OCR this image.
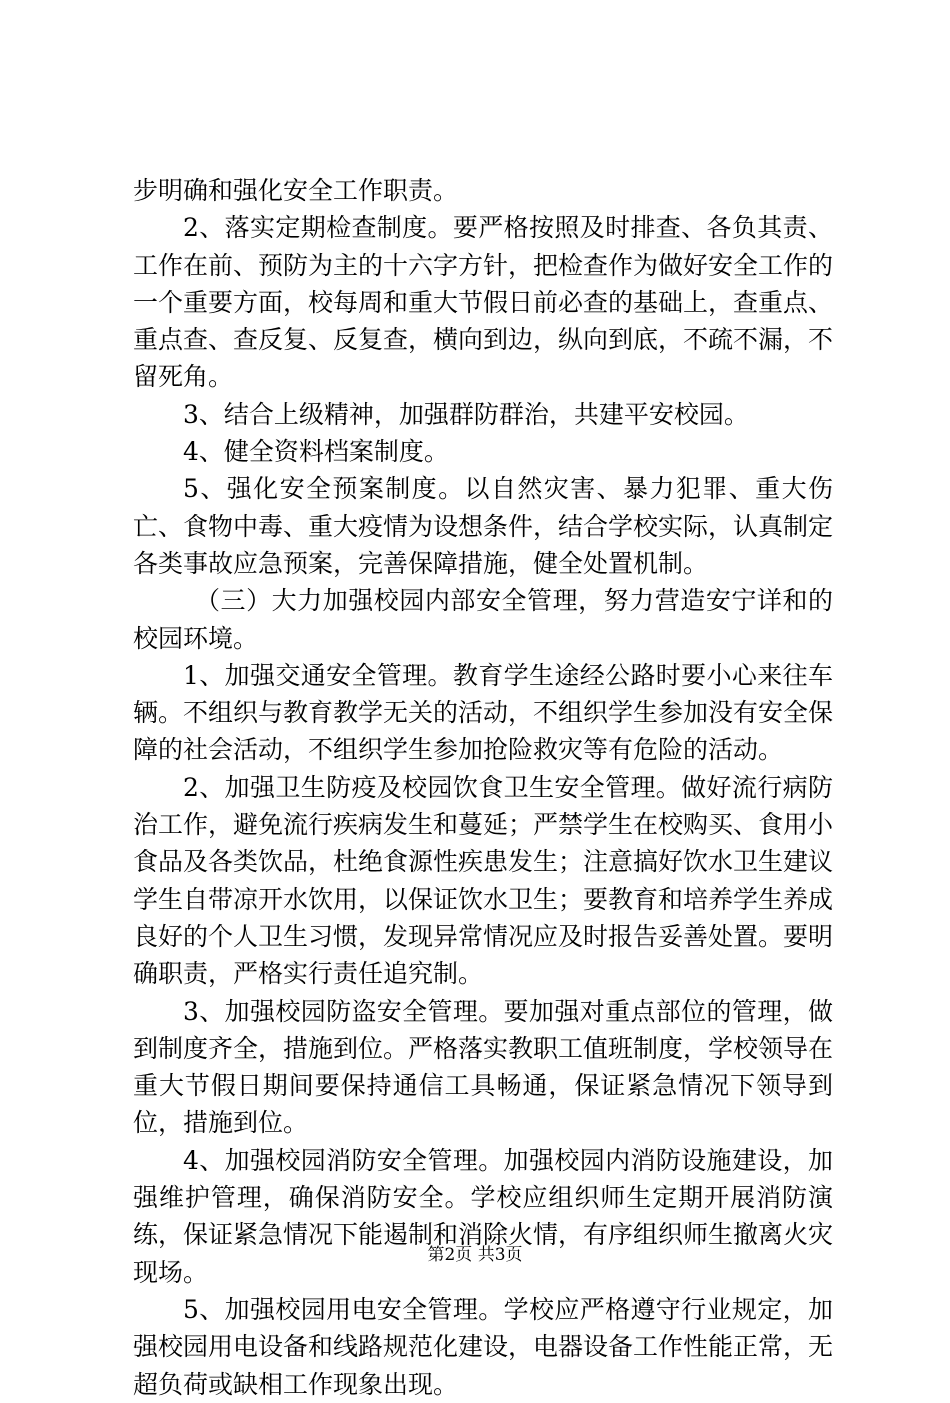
步明确和强化安全工作职责。

2、落实定期检查制度。要严格按照及时排查、各负其责、工作在前、预防为主的十六字方针，把检查作为做好安全工作的一个重要方面，校每周和重大节假日前必查的基础上，查重点、重点查、查反复、反复查，横向到边，纵向到底，不疏不漏，不留死角。

3、结合上级精神，加强群防群治，共建平安校园。

4、健全资料档案制度。

5、强化安全预案制度。以自然灾害、暴力犯罪、重大伤亡、食物中毒、重大疫情为设想条件，结合学校实际，认真制定各类事故应急预案，完善保障措施，健全处置机制。

（三）大力加强校园内部安全管理，努力营造安宁详和的校园环境。

1、加强交通安全管理。教育学生途经公路时要小心来往车辆。不组织与教育教学无关的活动，不组织学生参加没有安全保障的社会活动，不组织学生参加抢险救灾等有危险的活动。

2、加强卫生防疫及校园饮食卫生安全管理。做好流行病防治工作，避免流行疾病发生和蔓延；严禁学生在校购买、食用小食品及各类饮品，杜绝食源性疾患发生；注意搞好饮水卫生建议学生自带凉开水饮用，以保证饮水卫生；要教育和培养学生养成良好的个人卫生习惯，发现异常情况应及时报告妥善处置。要明确职责，严格实行责任追究制。

3、加强校园防盗安全管理。要加强对重点部位的管理，做到制度齐全，措施到位。严格落实教职工值班制度，学校领导在重大节假日期间要保持通信工具畅通，保证紧急情况下领导到位，措施到位。

4、加强校园消防安全管理。加强校园内消防设施建设，加强维护管理，确保消防安全。学校应组织师生定期开展消防演练，保证紧急情况下能遏制和消除火情，有序组织师生撤离火灾现场。

5、加强校园用电安全管理。学校应严格遵守行业规定，加强校园用电设备和线路规范化建设，电器设备工作性能正常，无超负荷或缺相工作现象出现。

第2页 共3页
